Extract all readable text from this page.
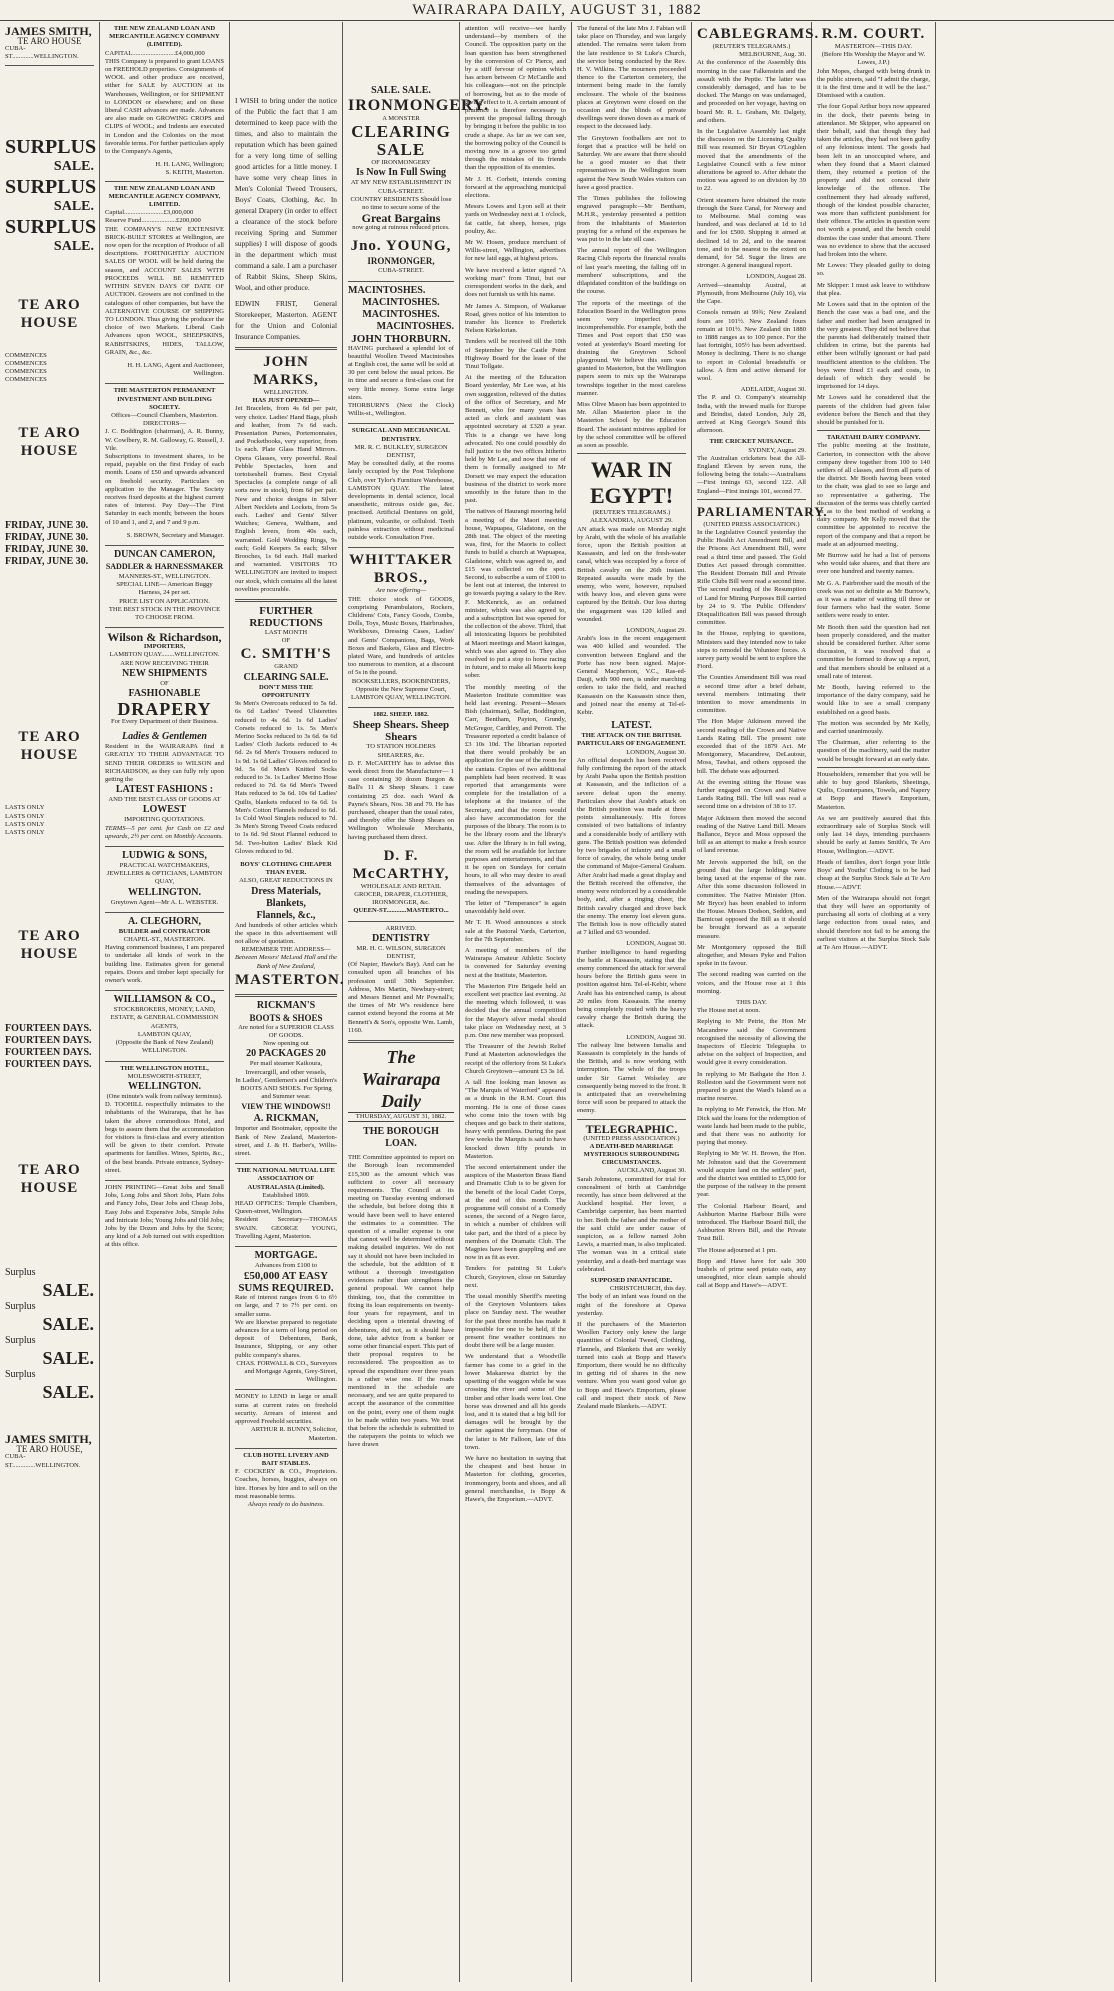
WAIRARAPA DAILY, AUGUST 31, 1882
JAMES SMITH,
TE ARO HOUSE
CUBA-ST.............WELLINGTON.
SURPLUS
SALE.
SURPLUS
SALE.
SURPLUS
SALE.
TE ARO HOUSE
COMMENCES
COMMENCES
COMMENCES
COMMENCES
TE ARO HOUSE
FRIDAY, JUNE 30.
FRIDAY, JUNE 30.
FRIDAY, JUNE 30.
FRIDAY, JUNE 30.
TE ARO HOUSE
LASTS ONLY
LASTS ONLY
LASTS ONLY
LASTS ONLY
TE ARO HOUSE
FOURTEEN DAYS.
FOURTEEN DAYS.
FOURTEEN DAYS.
FOURTEEN DAYS.
TE ARO HOUSE
Surplus
SALE.
Surplus
SALE.
Surplus
SALE.
Surplus
SALE.
JAMES SMITH,
TE ARO HOUSE,
CUBA-ST..............WELLINGTON.
THE NEW ZEALAND LOAN AND MERCANTILE AGENCY COMPANY (LIMITED).
CAPITAL..........................£4,000,000
THIS Company is prepared to grant LOANS on FREEHOLD properties. Consignments of WOOL and other produce are received, either for SALE by AUCTION at its Warehouses, Wellington, or for SHIPMENT to LONDON or elsewhere; and on these liberal CASH advances are made. Advances are also made on GROWING CROPS and CLIPS of WOOL; and Indents are executed in London and the Colonies on the most favorable terms. For further particulars apply to the Company's Agents,
H. H. LANG, Wellington;
S. KEITH, Masterton.
THE NEW ZEALAND LOAN AND MERCANTILE AGENCY COMPANY, LIMITED.
Capital........................£3,000,000
Reserve Fund.....................£200,000
THE COMPANY'S NEW EXTENSIVE BRICK-BUILT STORES at Wellington, are now open for the reception of Produce of all descriptions. FORTNIGHTLY AUCTION SALES OF WOOL will be held during the season, and ACCOUNT SALES WITH PROCEEDS WILL BE REMITTED WITHIN SEVEN DAYS OF DATE OF AUCTION. Growers are not confined to the catalogues of other companies, but have the ALTERNATIVE COURSE OF SHIPPING TO LONDON. Thus giving the producer the choice of two Markets. Liberal Cash Advances upon WOOL, SHEEPSKINS, RABBITSKINS, HIDES, TALLOW, GRAIN, &c., &c.
H. H. LANG, Agent and Auctioneer, Wellington.
THE MASTERTON PERMANENT INVESTMENT AND BUILDING SOCIETY.
Offices—Council Chambers, Masterton.
DIRECTORS—
J. C. Boddington (chairman), A. R. Bunny, W. Cowlbery, R. M. Galloway, G. Russell, J. Vile.
Subscriptions to investment shares, to be repaid, payable on the first Friday of each month. Loans of £50 and upwards advanced on freehold security. Particulars on application to the Manager. The Society receives fixed deposits at the highest current rates of interest. Pay Day—The First Saturday in each month; between the hours of 10 and 1, and 2, and 7 and 9 p.m.
S. BROWN, Secretary and Manager.
DUNCAN CAMERON,
SADDLER & HARNESSMAKER
MANNERS-ST., WELLINGTON.
SPECIAL LINE— American Buggy Harness, 24 per set.
PRICE LIST ON APPLICATION.
THE BEST STOCK IN THE PROVINCE TO CHOOSE FROM.
Wilson & Richardson,
IMPORTERS,
LAMBTON QUAY........WELLINGTON.
ARE NOW RECEIVING THEIR
NEW SHIPMENTS
OF
FASHIONABLE
DRAPERY
For Every Department of their Business.
Ladies & Gentlemen
Resident in the WAIRARAPA find it GREATLY TO THEIR ADVANTAGE TO SEND THEIR ORDERS to WILSON and RICHARDSON, as they can fully rely upon getting the
LATEST FASHIONS :
AND THE BEST CLASS OF GOODS AT
LOWEST
IMPORTING QUOTATIONS.
TERMS—5 per cent. for Cash on £2 and upwards, 2½ per cent. on Monthly Accounts.
LUDWIG & SONS,
PRACTICAL WATCHMAKERS, JEWELLERS & OPTICIANS, LAMBTON QUAY,
WELLINGTON.
Greytown Agent—Mr A. L. WEBSTER.
A. CLEGHORN,
BUILDER and CONTRACTOR
CHAPEL-ST., MASTERTON.
Having commenced business, I am prepared to undertake all kinds of work in the building line. Estimates given for general repairs. Doors and timber kept specially for owner's work.
WILLIAMSON & CO.,
STOCKBROKERS, MONEY, LAND, ESTATE, & GENERAL COMMISSION AGENTS,
LAMBTON QUAY,
(Opposite the Bank of New Zealand)
WELLINGTON.
THE WELLINGTON HOTEL,
MOLESWORTH-STREET,
WELLINGTON.
(One minute's walk from railway terminus).
D. TOOHILL respectfully intimates to the inhabitants of the Wairarapa, that he has taken the above commodious Hotel, and begs to assure them that the accommodation for visitors is first-class and every attention will be given to their comfort. Private apartments for families. Wines, Spirits, &c., of the best brands. Private entrance, Sydney-street.
JOHN PRINTING—Great Jobs and Small Jobs, Long Jobs and Short Jobs, Plain Jobs and Fancy Jobs, Dear Jobs and Cheap Jobs, Easy Jobs and Expensive Jobs, Simple Jobs and Intricate Jobs; Young Jobs and Old Jobs; Jobs by the Dozen and Jobs by the Score; any kind of a Job turned out with expedition at this office.
I WISH to bring under the notice of the Public the fact that I am determined to keep pace with the times, and also to maintain the reputation which has been gained for a very long time of selling good articles for a little money. I have some very cheap lines in Men's Colonial Tweed Trousers, Boys' Coats, Clothing, &c. In general Drapery (in order to effect a clearance of the stock before receiving Spring and Summer supplies) I will dispose of goods in the department which must command a sale. I am a purchaser of Rabbit Skins, Sheep Skins, Wool, and other produce.
EDWIN FRIST, General Storekeeper, Masterton. AGENT for the Union and Colonial Insurance Companies.
JOHN MARKS,
WELLINGTON.
HAS JUST OPENED—
Jet Bracelets, from 4s 6d per pair, very choice. Ladies' Hand Bags, plush and leather, from 7s 6d each. Presentation Purses, Portemonnaies, and Pocketbooks, very superior, from 1s each. Plate Glass Hand Mirrors. Opera Glasses, very powerful. Real Pebble Spectacles, horn and tortoiseshell frames. Best Crystal Spectacles (a complete range of all sorts now in stock), from 6d per pair. New and choice designs in Silver Albert Necklets and Lockets, from 5s each. Ladies' and Gents' Silver Watches; Geneva, Waltham, and English levers, from 40s each, warranted. Gold Wedding Rings, 9s each; Gold Keepers 5s each; Silver Brooches, 1s 6d each. Hall marked and warranted. VISITORS TO WELLINGTON are invited to inspect our stock, which contains all the latest novelties procurable.
FURTHER REDUCTIONS
LAST MONTH
OF
C. SMITH'S
GRAND
CLEARING SALE.
DON'T MISS THE OPPORTUNITY
9s Men's Overcoats reduced to 5s 6d. 6s 6d Ladies' Tweed Ulsterettes reduced to 4s 6d. 1s 6d Ladies' Corsets reduced to 1s. 5s Men's Merino Socks reduced to 3s 6d. 6s 6d Ladies' Cloth Jackets reduced to 4s 6d. 2s 6d Men's Trousers reduced to 1s 9d. 1s 6d Ladies' Gloves reduced to 9d. 5s 6d Men's Knitted Socks reduced to 3s. 1s Ladies' Merino Hose reduced to 7d. 6s 6d Men's Tweed Hats reduced to 3s 6d. 10s 6d Ladies' Quilts, blankets reduced to 6s 6d. 1s Men's Cotton Flannels reduced to 6d. 1s Cold Wool Singlets reduced to 7d. 3s Men's Strong Tweed Coats reduced to 1s 6d. 9d Stout Flannel reduced to 5d. Two-button Ladies' Black Kid Gloves reduced to 9d.
BOYS' CLOTHING CHEAPER THAN EVER.
ALSO, GREAT REDUCTIONS IN
Dress Materials,
Blankets,
Flannels, &c.,
And hundreds of other articles which the space in this advertisement will not allow of quotation.
REMEMBER THE ADDRESS—
Between Messrs' McLeod Hall and the Bank of New Zealand,
MASTERTON.
RICKMAN'S
BOOTS & SHOES
Are noted for a SUPERIOR CLASS OF GOODS.
Now opening out
20 PACKAGES 20
Per mail steamer Kaikoura, Invercargill, and other vessels,
In Ladies', Gentlemen's and Children's BOOTS AND SHOES. For Spring and Summer wear.
VIEW THE WINDOWS!!
A. RICKMAN,
Importer and Bootmaker, opposite the Bank of New Zealand, Masterton-street, and J. & H. Barber's, Willis-street.
THE NATIONAL MUTUAL LIFE ASSOCIATION OF AUSTRALASIA (Limited).
Established 1869.
HEAD OFFICES: Temple Chambers, Queen-street, Wellington.
Resident Secretary—THOMAS SWAIN. GEORGE YOUNG, Travelling Agent, Masterton.
MORTGAGE.
Advances from £100 to
£50,000 AT EASY SUMS REQUIRED.
Rate of interest ranges from 6 to 6½ on large, and 7 to 7½ per cent. on smaller sums.
We are likewise prepared to negotiate advances for a term of long period on deposit of Debentures, Bank, Insurance, Shipping, or any other public company's shares.
CHAS. FORWALL & CO., Surveyors and Mortgage Agents, Grey-Street, Wellington.
MONEY to LEND in large or small sums at current rates on freehold security. Arrears of interest and approved Freehold securities.
ARTHUR R. BUNNY, Solicitor, Masterton.
CLUB HOTEL LIVERY AND BAIT STABLES.
F. COCKERY & CO., Proprietors. Coaches, horses, buggies, always on hire. Horses by hire and to sell on the most reasonable terms.
Always ready to do business.
SALE. SALE.
IRONMONGERY.
A MONSTER
CLEARING SALE
OF IRONMONGERY
Is Now In Full Swing
AT MY NEW ESTABLISHMENT IN CUBA-STREET.
COUNTRY RESIDENTS Should lose no time to secure some of the
Great Bargains
now going at ruinous reduced prices.
Jno. YOUNG,
IRONMONGER,
CUBA-STREET.
MACINTOSHES.
MACINTOSHES.
MACINTOSHES.
MACINTOSHES.
JOHN THORBURN.
HAVING purchased a splendid lot of beautiful Woollen Tweed Macintoshes at English cost, the same will be sold at 30 per cent below the usual prices. Be in time and secure a first-class coat for very little money. Some extra large sizes.
THORBURN'S (Next the Clock) Willis-st., Wellington.
SURGICAL AND MECHANICAL DENTISTRY.
MR. R. C. BULKLEY, SURGEON DENTIST,
May be consulted daily, at the rooms lately occupied by the Post Telephone Club, over Tylor's Furniture Warehouse, LAMBTON QUAY. The latest developments in dental science, local anaesthetic, mitrous oxide gas, &c. practised. Artificial Dentures on gold, platinum, vulcanite, or celluloid. Teeth painless extraction without medicinal outside work. Consultation Free.
WHITTAKER BROS.,
Are now offering—
THE choice stock of GOODS, comprising Perambulators, Rockers, Childrens' Cots, Fancy Goods, Combs, Dolls, Toys, Music Boxes, Hairbrushes, Workboxes, Dressing Cases, Ladies' and Gents' Companions, Bags, Work Boxes and Baskets, Glass and Electro-plated Ware, and hundreds of articles too numerous to mention, at a discount of 5s in the pound.
BOOKSELLERS, BOOKBINDERS, Opposite the New Supreme Court, LAMBTON QUAY, WELLINGTON.
1882. SHEEP. 1882.
Sheep Shears. Sheep Shears
TO STATION HOLDERS SHEARERS, &c.
D. F. McCARTHY has to advise this week direct from the Manufacturer— 1 case containing 30 dozen Burgon & Ball's 11 & Sheep Shears. 1 case containing 25 doz. each Ward & Payne's Shears, Nos. 38 and 79. He has purchased, cheaper than the usual rates, and thereby offer the Sheep Shears on Wellington Wholesale Merchants, having purchased them direct.
D. F. McCARTHY,
WHOLESALE AND RETAIL GROCER, DRAPER, CLOTHIER, IRONMONGER, &c.
QUEEN-ST............MASTERTO...
ARRIVED.
DENTISTRY
MR. H. C. WILSON, SURGEON DENTIST,
(Of Napier, Hawke's Bay). And can be consulted upon all branches of his profession until 30th September. Address, Mrs Martin, Newbury-street; and Messrs Bennet and Mr Pownall's; the times of Mr W's residence here cannot extend beyond the rooms at Mr Bennett's & Son's, opposite Wm. Lamb, 1160.
The Wairarapa Daily
THURSDAY, AUGUST 31, 1882.
THE BOROUGH LOAN.
THE Committee appointed to report on the Borough loan recommended £15,300 as the amount which was sufficient to cover all necessary requirements. The Council at its meeting on Tuesday evening endorsed the schedule, but before doing this it would have been well to have entered the estimates to a committee. The question of a smaller expense is one that cannot well be determined without making detailed inquiries. We do not say it should not have been included in the schedule, but the addition of it without a thorough investigation evidences rather than strengthens the general proposal. We cannot help thinking, too, that the committee in fixing its loan requirements on twenty-four years for repayment, and in deciding upon a triennial drawing of debentures, did not, as it should have done, take advice from a banker or some other financial expert. This part of their proposal requires to be reconsidered. The proposition as to spread the expenditure over three years is a rather wise one. If the roads mentioned in the schedule are necessary, and we are quite prepared to accept the assurance of the committee on the point, every one of them ought to be made within two years. We trust that before the schedule is submitted to the ratepayers the points to which we have drawn
attention will receive—we hardly understand—by members of the Council. The opposition party on the loan question has been strengthened by the conversion of Cr Pierce, and by a stiff fervour of opinion which has arisen between Cr McCardle and his colleagues—not on the principle of borrowing, but as to the mode of giving effect to it. A certain amount of prudence is therefore necessary to prevent the proposal falling through by bringing it before the public in too crude a shape. As far as we can see, the borrowing policy of the Council is moving now in a groove too grind through the mistakes of its friends than the opposition of its enemies.
Mr J. H. Corbett, intends coming forward at the approaching municipal elections.
Messrs Lowes and Lyon sell at their yards on Wednesday next at 1 o'clock, fat cattle, fat sheep, horses, pigs poultry, &c.
Mr W. Hosen, produce merchant of Willis-street, Wellington, advertises for new laid eggs, at highest prices.
We have received a letter signed "A working man" from Tinui, but our correspondent works in the dark, and does not furnish us with his name.
Mr James A. Simpson, of Waikanae Road, gives notice of his intention to transfer his licence to Frederick Nelson Kirkelorian.
Tenders will be received till the 10th of September by the Castle Point Highway Board for the lease of the Tinui Tollgate.
At the meeting of the Education Board yesterday, Mr Lee was, at his own suggestion, relieved of the duties of the office of Secretary, and Mr Bennett, who for many years has acted as clerk and assistant was appointed secretary at £320 a year. This is a change we have long advocated. No one could possibly do full justice to the two offices hitherto held by Mr Lee, and now that one of them is formally assigned to Mr Dorsett we may expect the education business of the district to work more smoothly in the future than in the past.
The natives of Haurangi mooring held a meeting of the Maori meeting house, Wapuapea, Gladstone, on the 28th inst. The object of the meeting was, first, for the Maoris to collect funds to build a church at Wapuapea, Gladstone, which was agreed to, and £15 was collected on the spot. Second, to subscribe a sum of £100 to be lent out at interest, the interest to go towards paying a salary to the Rev. F. McKenrick, as an ordained minister, which was also agreed to, and a subscription list was opened for the collection of the above. Third, that all intoxicating liquors be prohibited at Maori meetings and Maori kaingas, which was also agreed to. They also resolved to put a stop to horse racing in future, and to make all Maoris keep sober.
The monthly meeting of the Masterton Institute committee was held last evening. Present—Messrs Bish (chairman), Sellar, Boddington, Carr, Bentham, Payton, Grundy, McGregor, Cardtley, and Perrott. The Treasurer reported a credit balance of £3 10s 10d. The librarian reported that there would probably be an application for the use of the room for the cantata. Copies of two additional pamphlets had been received. It was reported that arrangements were complete for the installation of a telephone at the instance of the Secretary, and that the room would also have accommodation for the purposes of the library. The room is to be the library room and the library's use. After the library is in full swing, the room will be available for lecture purposes and entertainments, and that it be open on Sundays for certain hours, to all who may desire to avail themselves of the advantages of reading the newspapers.
The letter of "Temperance" is again unavoidably held over.
Mr T. H. Wood announces a stock sale at the Pastoral Yards, Carterton, for the 7th September.
A meeting of members of the Wairarapa Amateur Athletic Society is convened for Saturday evening next at the Institute, Masterton.
The Masterton Fire Brigade held an excellent wet practice last evening. At the meeting which followed, it was decided that the annual competition for the Mayor's silver medal should take place on Wednesday next, at 3 p.m. One new member was proposed.
The Treasurer of the Jewish Relief Fund at Masterton acknowledges the receipt of the offertory from St Luke's Church Greytown—amount £3 3s 1d.
A tall fine looking man known as "The Marquis of Waterford" appeared as a drunk in the R.M. Court this morning. He is one of those cases who come into the town with big cheques and go back to their stations, heavy with penniless. During the past few weeks the Marquis is said to have knocked down fifty pounds in Masterton.
The second entertainment under the auspices of the Masterton Brass Band and Dramatic Club is to be given for the benefit of the local Cadet Corps, at the end of this month. The programme will consist of a Comedy scenes, the second of a Negro farce, in which a number of children will take part, and the third of a piece by members of the Dramatic Club. The Magpies have been grappling and are now in as fit as ever.
Tenders for painting St Luke's Church, Greytown, close on Saturday next.
The usual monthly Sheriff's meeting of the Greytown Volunteers takes place on Sunday next. The weather for the past three months has made it impossible for one to be held, if the present fine weather continues no doubt there will be a large muster.
We understand that a Woodville farmer has come to a grief in the lower Makarewa district by the upsetting of the waggon while he was crossing the river and some of the timber and other loads were lost. One horse was drowned and all his goods lost, and it is stated that a big bill for damages will be brought by the carrier against the ferryman. One of the latter is Mr Falloon, late of this town.
We have no hesitation in saying that the cheapest and best house in Masterton for clothing, groceries, ironmongery, boots and shoes, and all general merchandise, is Bopp & Hawe's, the Emporium.—ADVT.
The funeral of the late Mrs J. Fabian will take place on Thursday, and was largely attended. The remains were taken from the late residence to St Luke's Church, the service being conducted by the Rev. H. V. Wilkins. The mourners proceeded thence to the Carterton cemetery, the interment being made in the family enclosure. The whole of the business places at Greytown were closed on the occasion and the blinds of private dwellings were drawn down as a mark of respect to the deceased lady.
The Greytown footballers are not to forget that a practice will be held on Saturday. We are aware that there should be a good muster so that their representatives in the Wellington team against the New South Wales visitors can have a good practice.
The Times publishes the following engraved paragraph:—Mr Bentham, M.H.R., yesterday presented a petition from the inhabitants of Masterton praying for a refund of the expenses he was put to in the late sill case.
The annual report of the Wellington Racing Club reports the financial results of last year's meeting, the falling off in members' subscriptions, and the dilapidated condition of the buildings on the course.
The reports of the meetings of the Education Board in the Wellington press seem very imperfect and incomprehensible. For example, both the Times and Post report that £50 was voted at yesterday's Board meeting for draining the Greytown School playground. We believe this sum was granted to Masterton, but the Wellington papers seem to mix up the Wairarapa townships together in the most careless manner.
Miss Olive Mason has been appointed to Mr. Allan Masterton place in the Masterton School by the Education Board. The assistant mistress applied for by the school committee will be offered as soon as possible.
WAR IN EGYPT!
(REUTER'S TELEGRAMS.)
ALEXANDRIA, AUGUST 29.
AN attack was made on Monday night by Arabi, with the whole of his available force, upon the British position at Kassassin, and led on the fresh-water canal, which was occupied by a force of British cavalry on the 26th instant. Repeated assaults were made by the enemy, who were, however, repulsed with heavy loss, and eleven guns were captured by the British. Our loss during the engagement was 120 killed and wounded.
LONDON, August 29.
Arabi's loss in the recent engagement was 400 killed and wounded. The convention between England and the Porte has now been signed. Major-General Macpherson, V.C., Ras-ed-Dauji, with 900 men, is under marching orders to take the field, and reached Kassassin on the Kassassin since then, and joined near the enemy at Tel-el-Kebir.
LATEST.
THE ATTACK ON THE BRITISH.
PARTICULARS OF ENGAGEMENT.
LONDON, August 30.
An official despatch has been received fully confirming the report of the attack by Arabi Pasha upon the British position at Kassassin, and the infliction of a severe defeat upon the enemy. Particulars show that Arabi's attack on the British position was made at three points simultaneously. His forces consisted of two battalions of infantry and a considerable body of artillery with guns. The British position was defended by two brigades of infantry and a small force of cavalry, the whole being under the command of Major-General Graham. After Arabi had made a great display and the British received the offensive, the enemy were reinforced by a considerable body, and, after a ringing cheer, the British cavalry charged and drove back the enemy. The enemy lost eleven guns. The British loss is now officially stated at 7 killed and 63 wounded.
LONDON, August 30.
Further intelligence to hand regarding the battle at Kassassin, stating that the enemy commenced the attack for several hours before the British guns were in position against him. Tel-el-Kebir, where Arabi has his entrenched camp, is about 20 miles from Kassassin. The enemy being completely routed with the heavy cavalry charge the British during the attack.
LONDON, August 30.
The railway line between Ismalia and Kassassin is completely in the hands of the British, and is now working with interruption. The whole of the troops under Sir Garnet Wolseley are consequently being moved to the front. It is anticipated that an overwhelming force will soon be prepared to attack the enemy.
TELEGRAPHIC.
(UNITED PRESS ASSOCIATION.)
A DEATH-BED MARRIAGE MYSTERIOUS SURROUNDING CIRCUMSTANCES.
AUCKLAND, August 30.
Sarah Johnstone, committed for trial for concealment of birth at Cambridge recently, has since been delivered at the Auckland hospital. Her lover, a Cambridge carpenter, has been married to her. Both the father and the mother of the said child are under cause of suspicion, as a fellow named John Lewis, a married man, is also implicated. The woman was in a critical state yesterday, and a death-bed marriage was celebrated.
SUPPOSED INFANTICIDE.
CHRISTCHURCH, this day.
The body of an infant was found on the night of the foreshore at Opawa yesterday.
If the purchasers of the Masterton Woollen Factory only knew the large quantities of Colonial Tweed, Clothing, Flannels, and Blankets that are weekly turned into cash at Bopp and Hawe's Emporium, there would be no difficulty in getting rid of shares in the new venture. When you want good value go to Bopp and Hawe's Emporium, please call and inspect their stock of New Zealand made Blankets.—ADVT.
CABLEGRAMS.
(REUTER'S TELEGRAMS.)
MELBOURNE, Aug. 30.
At the conference of the Assembly this morning in the case Falkenstein and the assault with the Peptie. The latter was considerably damaged, and has to be docked. The Mango on was undamaged, and proceeded on her voyage, having on board Mr. R. L. Graham, Mr. Dalgety, and others.
In the Legislative Assembly last night the discussion on the Licensing Quality Bill was resumed. Sir Bryan O'Loghlen moved that the amendments of the Legislative Council with a few minor alterations be agreed to. After debate the motion was agreed to on division by 39 to 22.
Orient steamers have obtained the route through the Suez Canal, for Norway and to Melbourne. Mail coming was hundred, and was declared at 1d to 1d and for lot £500. Shipping it aimed at declined 1d to 2d, and to the nearest tone, and to the nearest to the extent on demand, for 5d. Sugar the lines are stronger. A general inaugural report.
LONDON, August 28.
Arrived—steamship Austral, at Plymouth, from Melbourne (July 16), via the Cape.
Consols remain at 99¾; New Zealand fours are 101½. New Zealand fours remain at 101½. New Zealand tin 1880 to 1888 ranges as to 100 pence. For the last fortnight, 105½ has been advertised. Money is declining. There is no change to report in Colonial breadstuffs or tallow. A firm and active demand for wool.
ADELAIDE, August 30.
The P. and O. Company's steamship India, with the inward mails for Europe and Brindisi, dated London, July 28, arrived at King George's Sound this afternoon.
THE CRICKET NUISANCE.
SYDNEY, August 29.
The Australian cricketers beat the All-England Eleven by seven runs, the following being the totals:—Australians—First innings 63, second 122. All England—First innings 101, second 77.
PARLIAMENTARY.
(UNITED PRESS ASSOCIATION.)
In the Legislative Council yesterday the Public Health Act Amendment Bill, and the Prisons Act Amendment Bill, were read a third time and passed. The Gold Duties Act passed through committee. The Resident Domain Bill and Private Rifle Clubs Bill were read a second time. The second reading of the Resumption of Land for Mining Purposes Bill carried by 24 to 9. The Public Offenders' Disqualification Bill was passed through committee.
In the House, replying to questions, Ministers said they intended now to take steps to remodel the Volunteer forces. A survey party would be sent to explore the Fiord.
The Counties Amendment Bill was read a second time after a brief debate, several members intimating their intention to move amendments in committee.
The Hon Major Atkinson moved the second reading of the Crown and Native Lands Rating Bill. The present rate exceeded that of the 1879 Act. Mr Montgomery, Macandrew, DeLautour, Moss, Tawhai, and others opposed the bill. The debate was adjourned.
At the evening sitting the House was further engaged on Crown and Native Lands Rating Bill. The bill was read a second time on a division of 38 to 17.
Major Atkinson then moved the second reading of the Native Land Bill. Messrs Ballance, Bryce and Moss opposed the bill as an attempt to make a fresh source of land revenue.
Mr Jervois supported the bill, on the ground that the large holdings were being taxed at the expense of the rate. After this some discussion followed in committee. The Native Minister (Hon. Mr Bryce) has been enabled to inform the House. Messrs Dodson, Seddon, and Barnicoat opposed the Bill as it should be brought forward as a separate measure.
Mr Montgomery opposed the Bill altogether, and Messrs Pyke and Fulton spoke in its favour.
The second reading was carried on the voices, and the House rose at 1 this morning.
THIS DAY.
The House met at noon.
Replying to Mr Petrie, the Hon Mr Macandrew said the Government recognised the necessity of allowing the Inspectors of Electric Telegraphs to advise on the subject of Inspection, and would give it every consideration.
In replying to Mr Bathgate the Hon J. Rolleston said the Government were not prepared to grant the Ward's Island as a marine reserve.
In replying to Mr Fenwick, the Hon. Mr Dick said the loans for the redemption of waste lands had been made to the public, and that there was no authority for paying that money.
Replying to Mr W. H. Brown, the Hon. Mr Johnston said that the Government would acquire land on the settlers' part, and the district was entitled to £5,000 for the purpose of the railway in the present year.
The Colonial Harbour Board, and Ashburton Marine Harbour Bills were introduced. The Harbour Board Bill, the Ashburton Rivers Bill, and the Private Trust Bill.
The House adjourned at 1 pm.
Bopp and Hawe have for sale 300 bushels of prime seed potato oats, any unsoughted, nice clean sample should call at Bopp and Hawe's—ADVT.
R.M. COURT.
MASTERTON—THIS DAY.
(Before His Worship the Mayor and W. Lowes, J.P.)
John Mopes, charged with being drunk in the public streets, said "I admit the charge, it is the first time and it will be the last." Dismissed with a caution.
The four Gopal Arthur boys now appeared in the dock, their parents being in attendance. Mr Skipper, who appeared on their behalf, said that though they had taken the articles, they had not been guilty of any felonious intent. The goods had been left in an unoccupied where, and when they found that a Maori claimed them, they returned a portion of the property and did not conceal their knowledge of the offence. The confinement they had already suffered, though of the kindest possible character, was more than sufficient punishment for their offence. The articles in question were not worth a pound, and the bench could dismiss the case under that amount. There was no evidence to show that the accused had broken into the where.
Mr Lowes: They pleaded guilty to doing so.
Mr Skipper: I must ask leave to withdraw that plea.
Mr Lowes said that in the opinion of the Bench the case was a bad one, and the father and mother had been arraigned in the very greatest. They did not believe that the parents had deliberately trained their children in crime, but the parents had either been wilfully ignorant or had paid insufficient attention to the children. The boys were fined £1 each and costs, in default of which they would be imprisoned for 14 days.
Mr Lowes said he considered that the parents of the children had given false evidence before the Bench and that they should be punished for it.
TARATAHI DAIRY COMPANY.
The public meeting at the Institute, Carterton, in connection with the above company drew together from 100 to 140 settlers of all classes, and from all parts of the district. Mr Booth having been voted to the chair, was glad to see so large and so representative a gathering. The discussion of the terms was chiefly carried on as to the best method of working a dairy company. Mr Kelly moved that the committee be appointed to receive the report of the company and that a report be made at an adjourned meeting.
Mr Burrow said he had a list of persons who would take shares, and that there are over one hundred and twenty names.
Mr G. A. Fairbrother said the mouth of the creek was not so definite as Mr Burrow's, as it was a matter of waiting till three or four farmers who had the water. Some settlers were ready to enter.
Mr Booth then said the question had not been properly considered, and the matter should be considered further. After some discussion, it was resolved that a committee be formed to draw up a report, and that members should be enlisted at a small rate of interest.
Mr Booth, having referred to the importance of the dairy company, said he would like to see a small company established on a good basis.
The motion was seconded by Mr Kelly, and carried unanimously.
The Chairman, after referring to the question of the machinery, said the matter would be brought forward at an early date.
Householders, remember that you will be able to buy good Blankets, Sheetings, Quilts, Counterpanes, Towels, and Napery at Bopp and Hawe's Emporium, Masterton.
As we are positively assured that this extraordinary sale of Surplus Stock will only last 14 days, intending purchasers should be early at James Smith's, Te Aro House, Wellington.—ADVT.
Heads of families, don't forget your little Boys' and Youths' Clothing is to be had cheap at the Surplus Stock Sale at Te Aro House.—ADVT.
Men of the Wairarapa should not forget that they will have an opportunity of purchasing all sorts of clothing at a very large reduction from usual rates, and should therefore not fail to be among the earliest visitors at the Surplus Stock Sale at Te Aro House.—ADVT.
